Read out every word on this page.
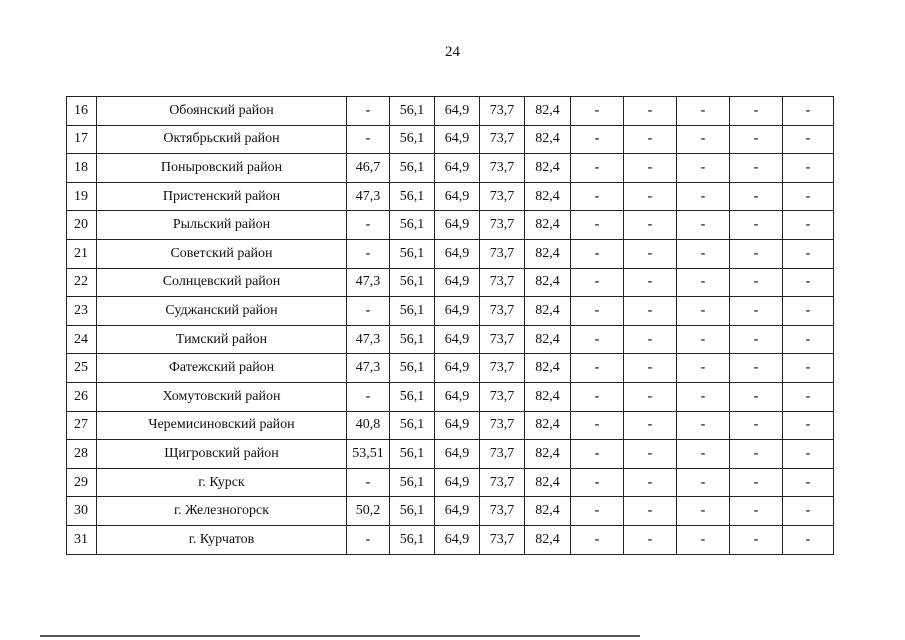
24
16	Обоянский район	-	56,1	64,9	73,7	82,4	-	-	-	-	-
17	Октябрьский район	-	56,1	64,9	73,7	82,4	-	-	-	-	-
18	Поныровский район	46,7	56,1	64,9	73,7	82,4	-	-	-	-	-
19	Пристенский район	47,3	56,1	64,9	73,7	82,4	-	-	-	-	-
20	Рыльский район	-	56,1	64,9	73,7	82,4	-	-	-	-	-
21	Советский район	-	56,1	64,9	73,7	82,4	-	-	-	-	-
22	Солнцевский район	47,3	56,1	64,9	73,7	82,4	-	-	-	-	-
23	Суджанский район	-	56,1	64,9	73,7	82,4	-	-	-	-	-
24	Тимский район	47,3	56,1	64,9	73,7	82,4	-	-	-	-	-
25	Фатежский район	47,3	56,1	64,9	73,7	82,4	-	-	-	-	-
26	Хомутовский район	-	56,1	64,9	73,7	82,4	-	-	-	-	-
27	Черемисиновский район	40,8	56,1	64,9	73,7	82,4	-	-	-	-	-
28	Щигровский район	53,51	56,1	64,9	73,7	82,4	-	-	-	-	-
29	г. Курск	-	56,1	64,9	73,7	82,4	-	-	-	-	-
30	г. Железногорск	50,2	56,1	64,9	73,7	82,4	-	-	-	-	-
31	г. Курчатов	-	56,1	64,9	73,7	82,4	-	-	-	-	-
